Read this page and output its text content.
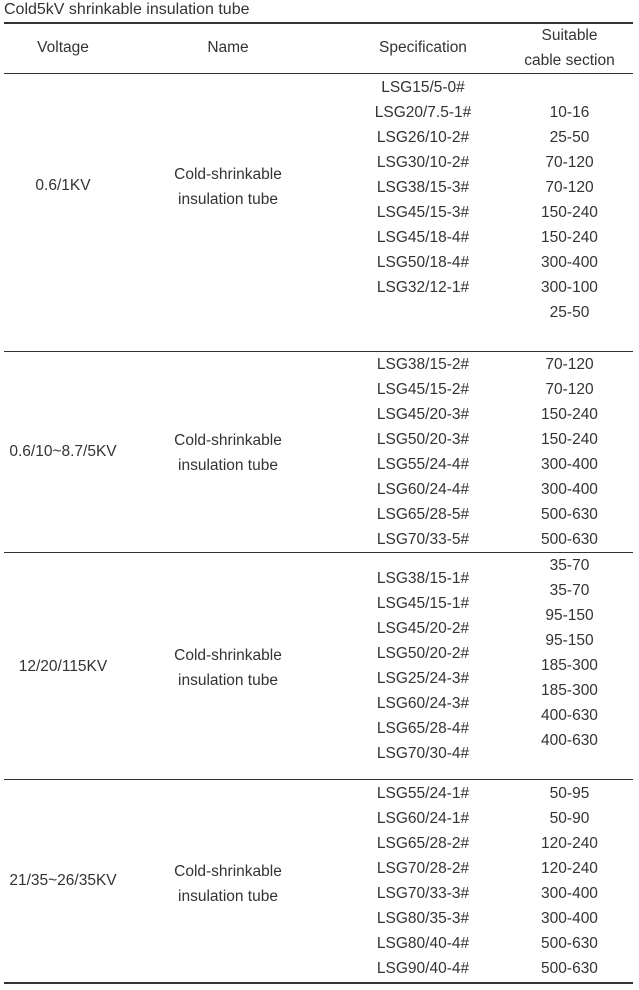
Cold5kV shrinkable insulation tube
Voltage	Name	Specification
Suitable
cable section
0.6/1KV
Cold-shrinkable
insulation tube
LSG15/5-0#
LSG20/7.5-1#
LSG26/10-2#
LSG30/10-2#
LSG38/15-3#
LSG45/15-3#
LSG45/18-4#
LSG50/18-4#
LSG32/12-1#
10-16
25-50
70-120
70-120
150-240
150-240
300-400
300-100
25-50
0.6/10~8.7/5KV
Cold-shrinkable
insulation tube
LSG38/15-2#
LSG45/15-2#
LSG45/20-3#
LSG50/20-3#
LSG55/24-4#
LSG60/24-4#
LSG65/28-5#
LSG70/33-5#
70-120
70-120
150-240
150-240
300-400
300-400
500-630
500-630
12/20/115KV
Cold-shrinkable
insulation tube
LSG38/15-1#
LSG45/15-1#
LSG45/20-2#
LSG50/20-2#
LSG25/24-3#
LSG60/24-3#
LSG65/28-4#
LSG70/30-4#
35-70
35-70
95-150
95-150
185-300
185-300
400-630
400-630
21/35~26/35KV
Cold-shrinkable
insulation tube
LSG55/24-1#
LSG60/24-1#
LSG65/28-2#
LSG70/28-2#
LSG70/33-3#
LSG80/35-3#
LSG80/40-4#
LSG90/40-4#
50-95
50-90
120-240
120-240
300-400
300-400
500-630
500-630
